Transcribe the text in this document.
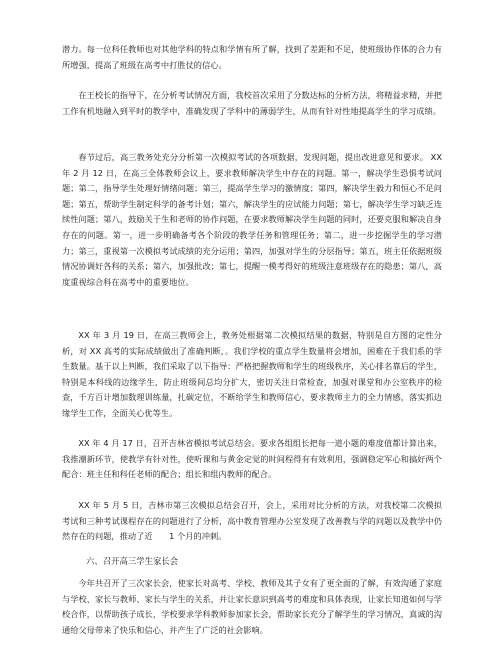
潜力。每一位科任教师也对其他学科的特点和学情有所了解，找到了差距和不足，使班级协作体的合力有所增强，提高了班级在高考中打胜仗的信心。

在王校长的指导下，在分析考试情况方面，我校首次采用了分数达标的分析方法，将精益求精，并把工作有机地融入到平时的教学中，准确发现了学科中的薄弱学生，从而有针对性地提高学生的学习成绩。

春节过后，高三教务处充分分析第一次模拟考试的各项数据，发现问题，提出改进意见和要求。 XX 年 2 月 12 日，在高三全体教师会议上，要求教师解决学生中存在的问题。第一，解决学生恐惧考试问题；第二，指导学生处理好情绪问题；第三，提高学生学习的激情度；第四，解决学生毅力和恒心不足问题；第五，帮助学生制定科学的备考计划；第六，解决学生的应试能力问题；第七，解决学生学习缺乏连续性问题；第八，鼓励关于生和老师的协作问题，在要求教师解决学生问题的同时，还要克服和解决自身存在的问题。第一，进一步明确备考各个阶段的教学任务和管理任务；第二，进一步挖掘学生的学习潜力；第三，重视第一次模拟考试成绩的充分运用；第四，加强对学生的分层指导；第五，班主任依据班级情况协调好各科的关系；第六，加强批改；第七，提醒一模考得好的班级注意班级存在的隐患；第八，高度重视综合科在高考中的重要地位。

XX 年 3 月 19 日，在高三教师会上，教务处根据第二次模拟结果的数据，特别是自方图的定性分析，对 XX 高考的实际成绩做出了准确判断，。我们学校的重点学生数量将会增加，困难在于我们系的学生数量。基于以上判断，我们采取了以下指导：严格把握教师和学生的班级秩序，关心排名靠后的学生，特别是本科线的边缘学生，防止班级间总均分扩大，密切关注日常检查，加强对课堂和办公室秩序的检查，千方百计增加数理训练量，扎碳定位，不断给学生和教师信心，要求教师主力的全力情感，落实抓边缘学生工作，全面关心优等生。

XX 年 4 月 17 日，召开吉林省模拟考试总结会。要求各组组长把每一道小题的难度值都计算出来，我推潮新环节，使教学有针对性，使听课和与黄金定觉的时间程得有有效利用，强调稳定军心和搞好两个配合：班主任和科任老师的配合；组长和组内教师的配合。

XX 年 5 月 5 日，吉林市第三次模拟总结会召开，会上，采用对比分析的方法，对我校第二次模拟考试和三种考试课程存在的问题进行了分析，高中教育管理办公室发现了改善教与学的问题以及教学中仍然存在的问题，推动了近　　1 个月的冲刺。

六、召开高三学生家长会

今年共召开了三次家长会，使家长对高考、学校、教师及其子女有了更全面的了解，有效沟通了家庭与学校、家长与教师、家长与学生的关系，并让家长意识到高考的难度和具体表现，让家长知道如何与学校合作，以帮助孩子成长，学校要求学科教师参加家长会，帮助家长充分了解学生的学习情况，真诚的沟通给父母带来了快乐和信心，并产生了广泛的社会影响。
